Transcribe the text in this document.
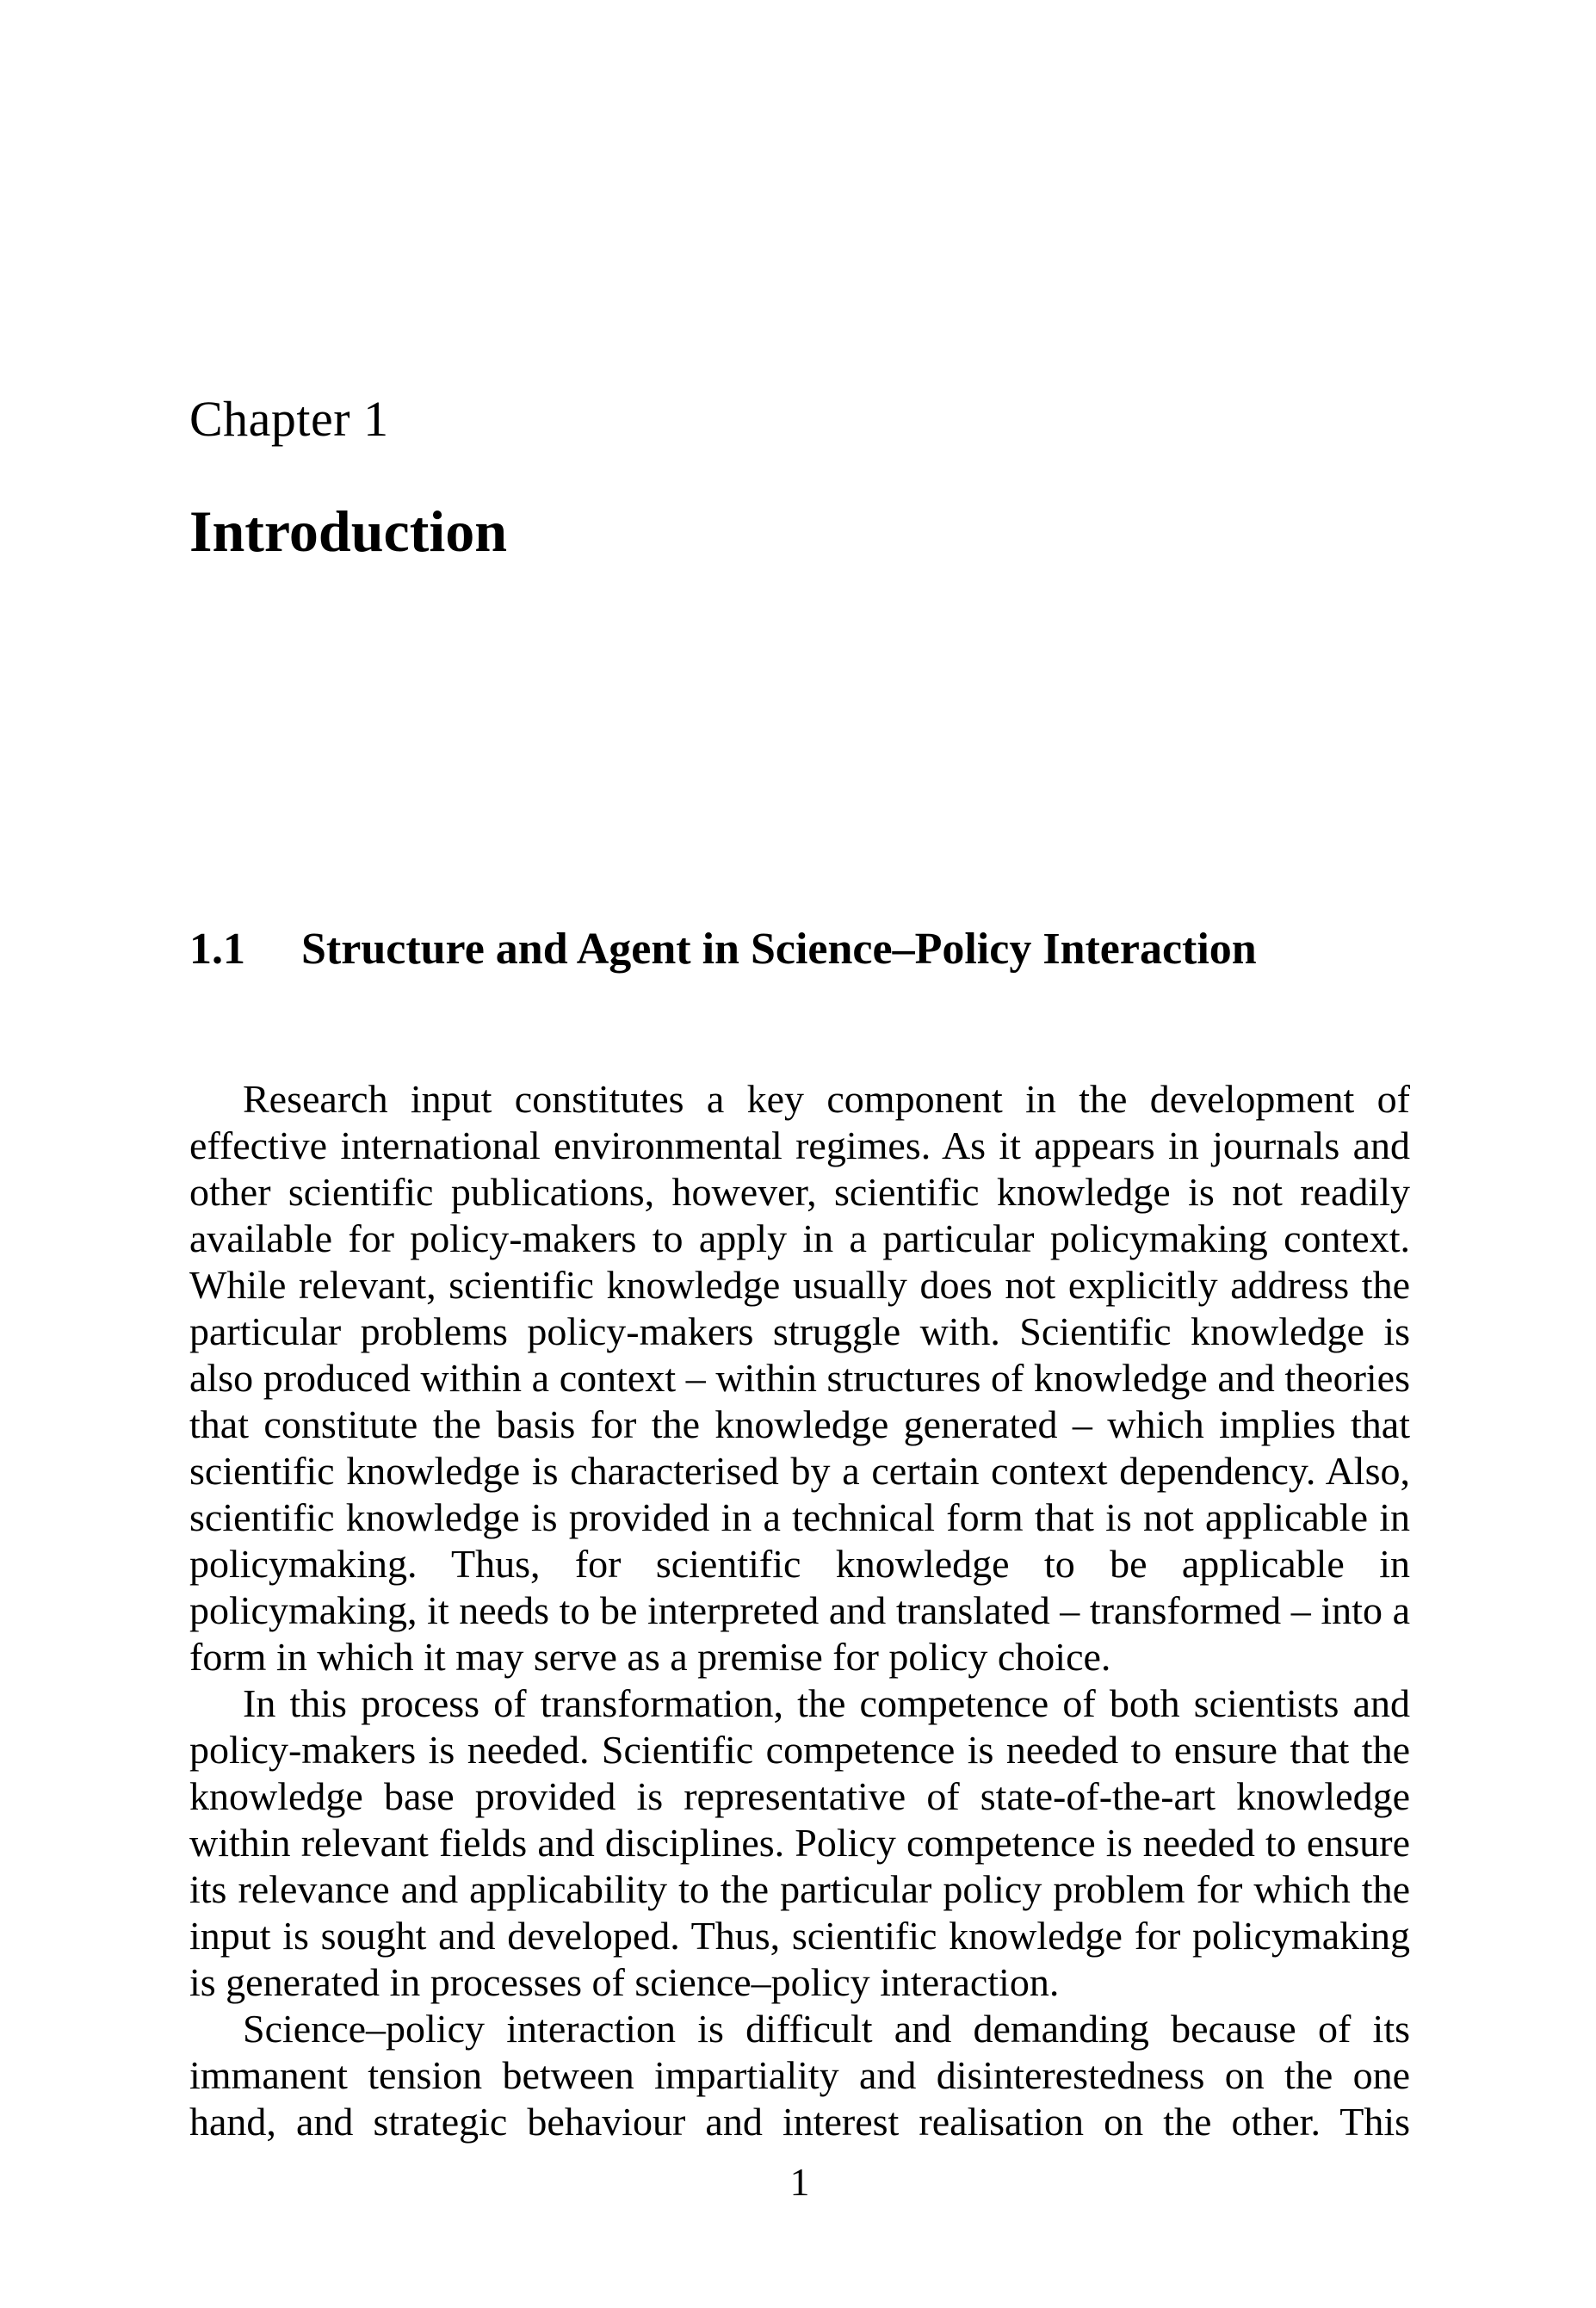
Chapter 1
Introduction
1.1 Structure and Agent in Science–Policy Interaction

Research input constitutes a key component in the development of effective international environmental regimes. As it appears in journals and other scientific publications, however, scientific knowledge is not readily available for policy-makers to apply in a particular policymaking context. While relevant, scientific knowledge usually does not explicitly address the particular problems policy-makers struggle with. Scientific knowledge is also produced within a context – within structures of knowledge and theories that constitute the basis for the knowledge generated – which implies that scientific knowledge is characterised by a certain context dependency. Also, scientific knowledge is provided in a technical form that is not applicable in policymaking. Thus, for scientific knowledge to be applicable in policymaking, it needs to be interpreted and translated – transformed – into a form in which it may serve as a premise for policy choice.

In this process of transformation, the competence of both scientists and policy-makers is needed. Scientific competence is needed to ensure that the knowledge base provided is representative of state-of-the-art knowledge within relevant fields and disciplines. Policy competence is needed to ensure its relevance and applicability to the particular policy problem for which the input is sought and developed. Thus, scientific knowledge for policymaking is generated in processes of science–policy interaction.

Science–policy interaction is difficult and demanding because of its immanent tension between impartiality and disinterestedness on the one hand, and strategic behaviour and interest realisation on the other. This

1
